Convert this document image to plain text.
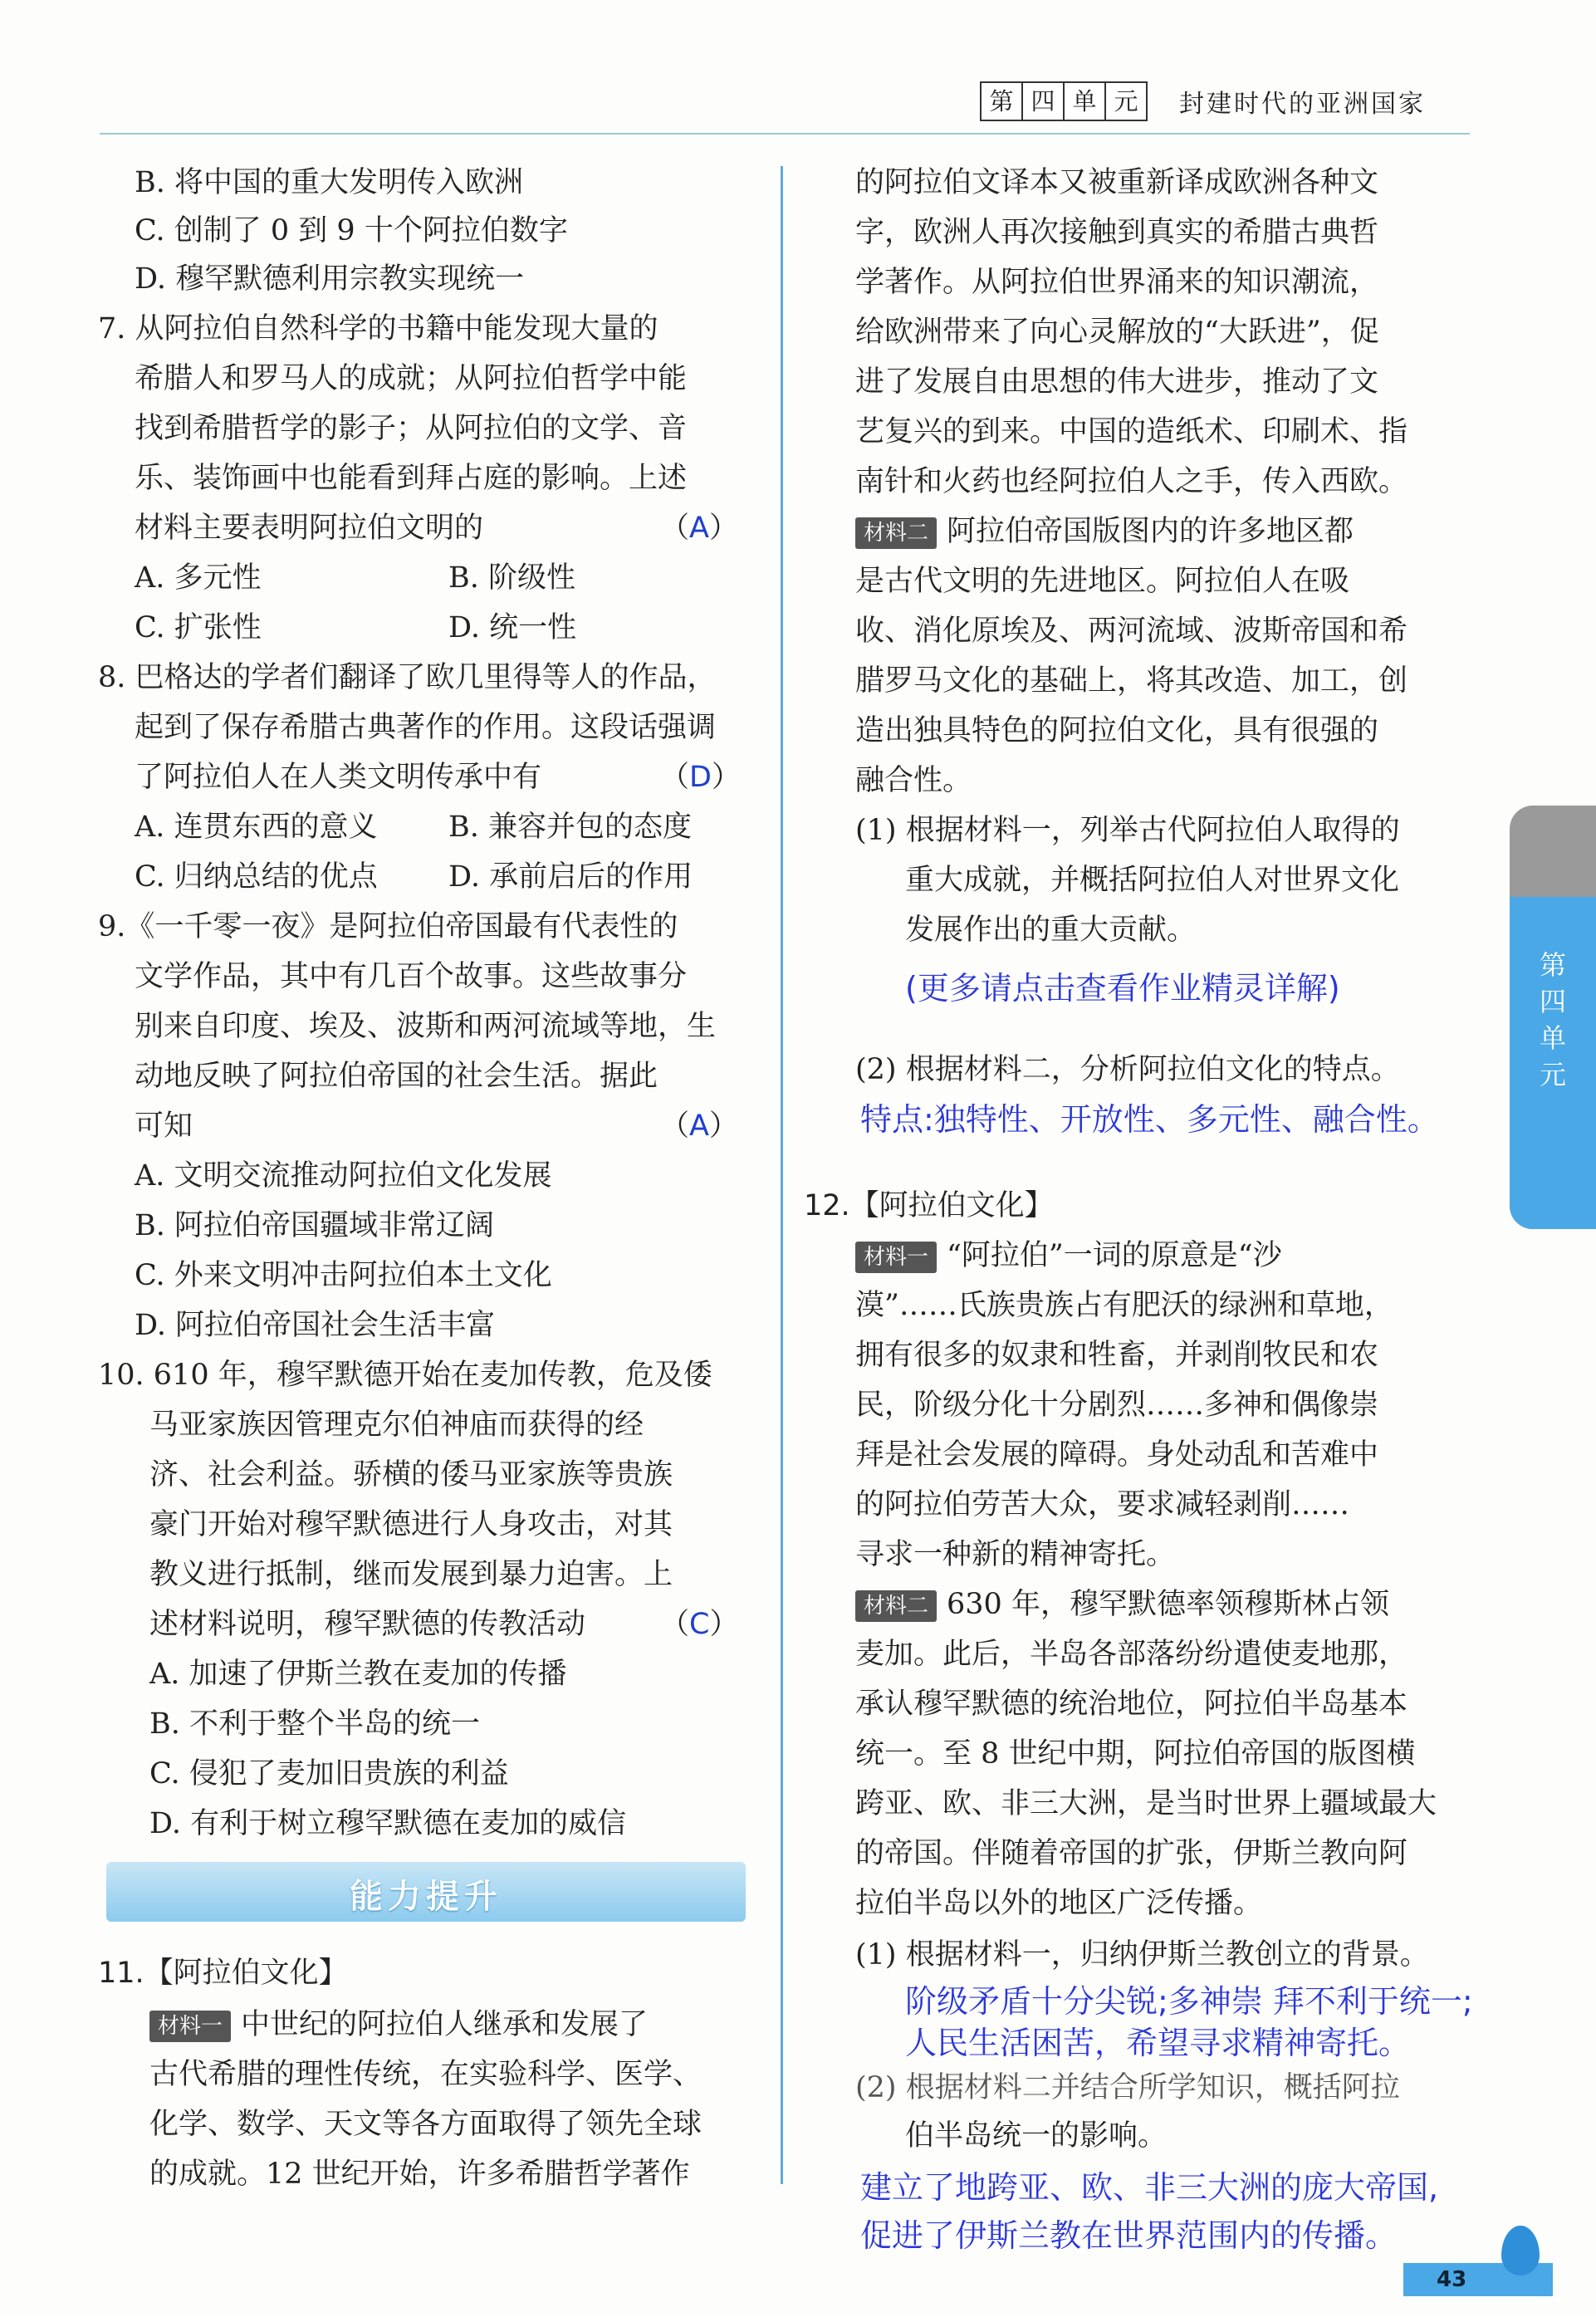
第 四 单 元	封建时代的亚洲国家
B. 将中国的重大发明传入欧洲
C. 创制了 0 到 9 十个阿拉伯数字
D. 穆罕默德利用宗教实现统一
7. 从阿拉伯自然科学的书籍中能发现大量的
希腊人和罗马人的成就；从阿拉伯哲学中能
找到希腊哲学的影子；从阿拉伯的文学、音
乐、装饰画中也能看到拜占庭的影响。上述
材料主要表明阿拉伯文明的	（A）
A. 多元性	B. 阶级性
C. 扩张性	D. 统一性
8. 巴格达的学者们翻译了欧几里得等人的作品，
起到了保存希腊古典著作的作用。这段话强调
了阿拉伯人在人类文明传承中有	（D）
A. 连贯东西的意义 B. 兼容并包的态度
C. 归纳总结的优点 D. 承前启后的作用
9.《一千零一夜》是阿拉伯帝国最有代表性的
文学作品，其中有几百个故事。这些故事分
别来自印度、埃及、波斯和两河流域等地，生
动地反映了阿拉伯帝国的社会生活。据此
可知	（A）
A. 文明交流推动阿拉伯文化发展
B. 阿拉伯帝国疆域非常辽阔
C. 外来文明冲击阿拉伯本土文化
D. 阿拉伯帝国社会生活丰富
10. 610 年，穆罕默德开始在麦加传教，危及倭
马亚家族因管理克尔伯神庙而获得的经
济、社会利益。骄横的倭马亚家族等贵族
豪门开始对穆罕默德进行人身攻击，对其
教义进行抵制，继而发展到暴力迫害。上
述材料说明，穆罕默德的传教活动	（C）
A. 加速了伊斯兰教在麦加的传播
B. 不利于整个半岛的统一
C. 侵犯了麦加旧贵族的利益
D. 有利于树立穆罕默德在麦加的威信
能力提升
11.【阿拉伯文化】
材料一 中世纪的阿拉伯人继承和发展了
古代希腊的理性传统，在实验科学、医学、
化学、数学、天文等各方面取得了领先全球
的成就。12 世纪开始，许多希腊哲学著作
的阿拉伯文译本又被重新译成欧洲各种文
字，欧洲人再次接触到真实的希腊古典哲
学著作。从阿拉伯世界涌来的知识潮流，
给欧洲带来了向心灵解放的“大跃进”，促
进了发展自由思想的伟大进步，推动了文
艺复兴的到来。中国的造纸术、印刷术、指
南针和火药也经阿拉伯人之手，传入西欧。
材料二 阿拉伯帝国版图内的许多地区都
是古代文明的先进地区。阿拉伯人在吸
收、消化原埃及、两河流域、波斯帝国和希
腊罗马文化的基础上，将其改造、加工，创
造出独具特色的阿拉伯文化，具有很强的
融合性。
(1) 根据材料一，列举古代阿拉伯人取得的
重大成就，并概括阿拉伯人对世界文化
发展作出的重大贡献。
(更多请点击查看作业精灵详解)
(2) 根据材料二，分析阿拉伯文化的特点。
特点:独特性、开放性、多元性、融合性。
12.【阿拉伯文化】
材料一 “阿拉伯”一词的原意是“沙
漠”……氏族贵族占有肥沃的绿洲和草地，
拥有很多的奴隶和牲畜，并剥削牧民和农
民，阶级分化十分剧烈……多神和偶像崇
拜是社会发展的障碍。身处动乱和苦难中
的阿拉伯劳苦大众，要求减轻剥削……
寻求一种新的精神寄托。
材料二 630 年，穆罕默德率领穆斯林占领
麦加。此后，半岛各部落纷纷遣使麦地那，
承认穆罕默德的统治地位，阿拉伯半岛基本
统一。至 8 世纪中期，阿拉伯帝国的版图横
跨亚、欧、非三大洲，是当时世界上疆域最大
的帝国。伴随着帝国的扩张，伊斯兰教向阿
拉伯半岛以外的地区广泛传播。
(1) 根据材料一，归纳伊斯兰教创立的背景。
阶级矛盾十分尖锐;多神崇 拜不利于统一;
人民生活困苦，希望寻求精神寄托。
(2) 根据材料二并结合所学知识，概括阿拉
伯半岛统一的影响。
建立了地跨亚、欧、非三大洲的庞大帝国,
促进了伊斯兰教在世界范围内的传播。
第四单元
43
